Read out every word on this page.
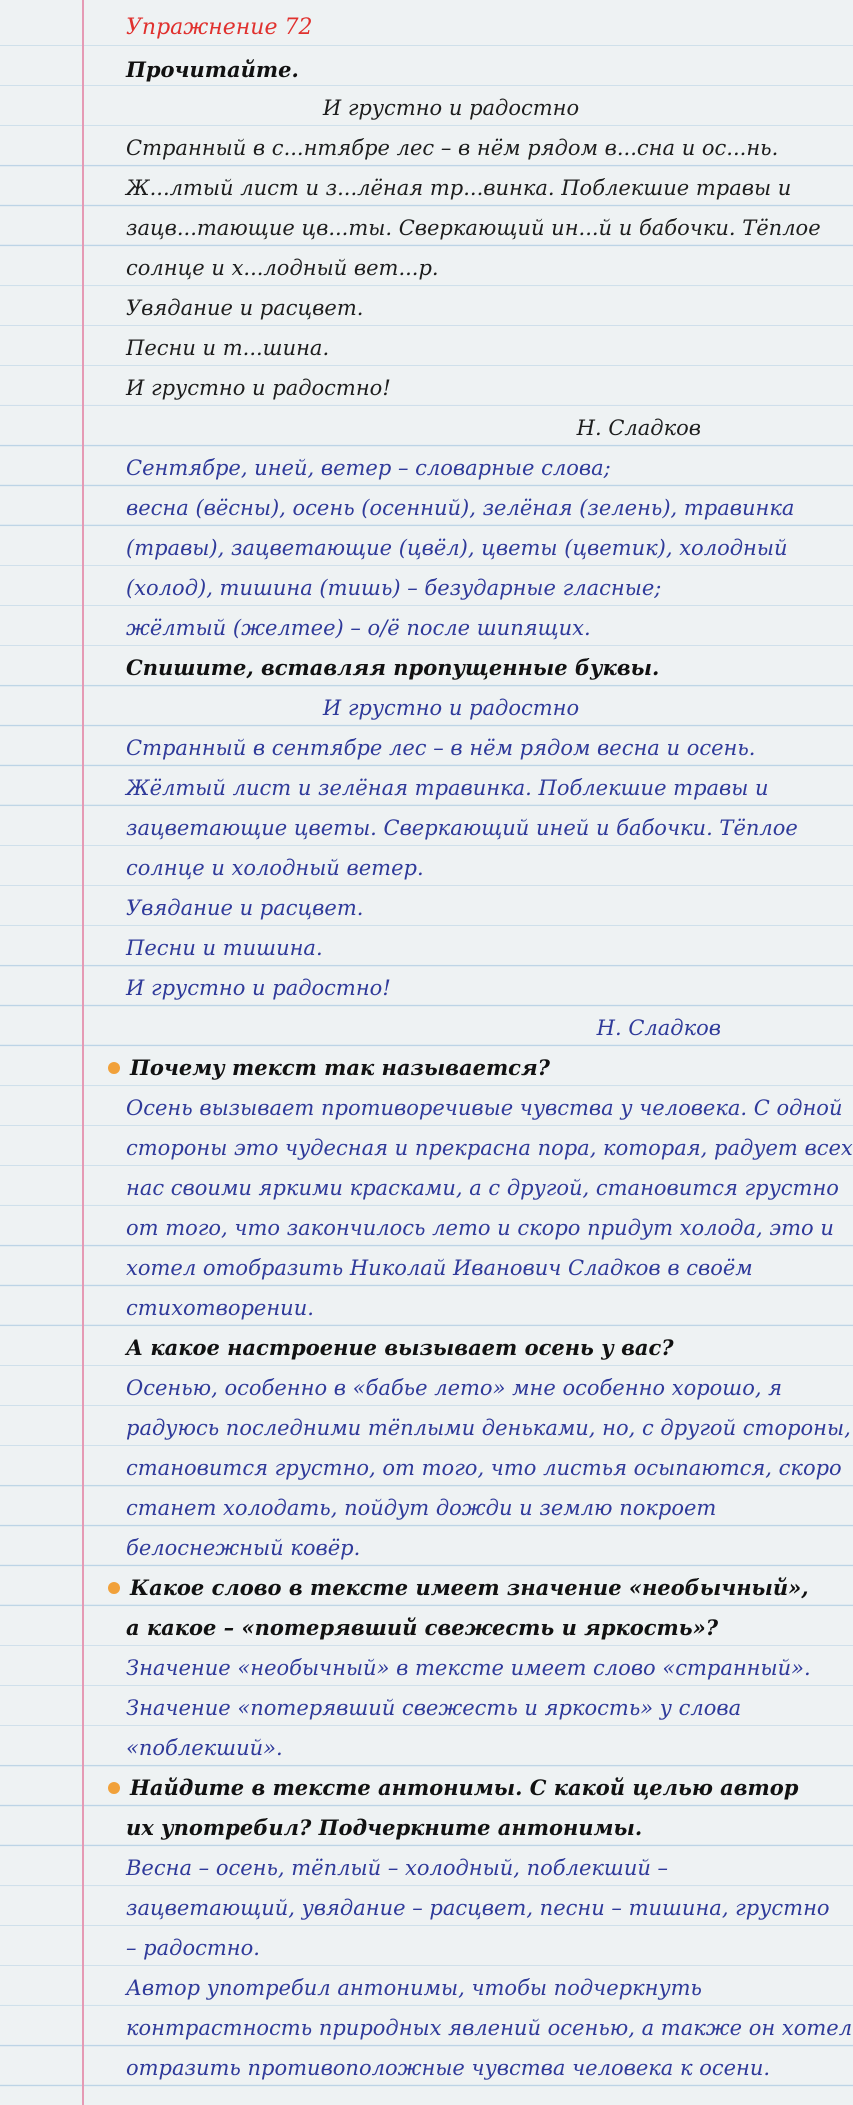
Упражнение 72
Прочитайте.
И грустно и радостно
Странный в с...нтябре лес – в нём рядом в...сна и ос...нь.
Ж...лтый лист и з...лёная тр...винка. Поблекшие травы и
зацв...тающие цв...ты. Сверкающий ин...й и бабочки. Тёплое
солнце и х...лодный вет...р.
Увядание и расцвет.
Песни и т...шина.
И грустно и радостно!
Н. Сладков
Сентябре, иней, ветер – словарные слова;
весна (вёсны), осень (осенний), зелёная (зелень), травинка
(травы), зацветающие (цвёл), цветы (цветик), холодный
(холод), тишина (тишь) – безударные гласные;
жёлтый (желтее) – о/ё после шипящих.
Спишите, вставляя пропущенные буквы.
И грустно и радостно
Странный в сентябре лес – в нём рядом весна и осень.
Жёлтый лист и зелёная травинка. Поблекшие травы и
зацветающие цветы. Сверкающий иней и бабочки. Тёплое
солнце и холодный ветер.
Увядание и расцвет.
Песни и тишина.
И грустно и радостно!
Н. Сладков
Почему текст так называется?
Осень вызывает противоречивые чувства у человека. С одной
стороны это чудесная и прекрасна пора, которая, радует всех
нас своими яркими красками, а с другой, становится грустно
от того, что закончилось лето и скоро придут холода, это и
хотел отобразить Николай Иванович Сладков в своём
стихотворении.
А какое настроение вызывает осень у вас?
Осенью, особенно в «бабье лето» мне особенно хорошо, я
радуюсь последними тёплыми деньками, но, с другой стороны,
становится грустно, от того, что листья осыпаются, скоро
станет холодать, пойдут дожди и землю покроет
белоснежный ковёр.
Какое слово в тексте имеет значение «необычный»,
а какое – «потерявший свежесть и яркость»?
Значение «необычный» в тексте имеет слово «странный».
Значение «потерявший свежесть и яркость» у слова
«поблекший».
Найдите в тексте антонимы. С какой целью автор
их употребил? Подчеркните антонимы.
Весна – осень, тёплый – холодный, поблекший –
зацветающий, увядание – расцвет, песни – тишина, грустно
– радостно.
Автор употребил антонимы, чтобы подчеркнуть
контрастность природных явлений осенью, а также он хотел
отразить противоположные чувства человека к осени.
